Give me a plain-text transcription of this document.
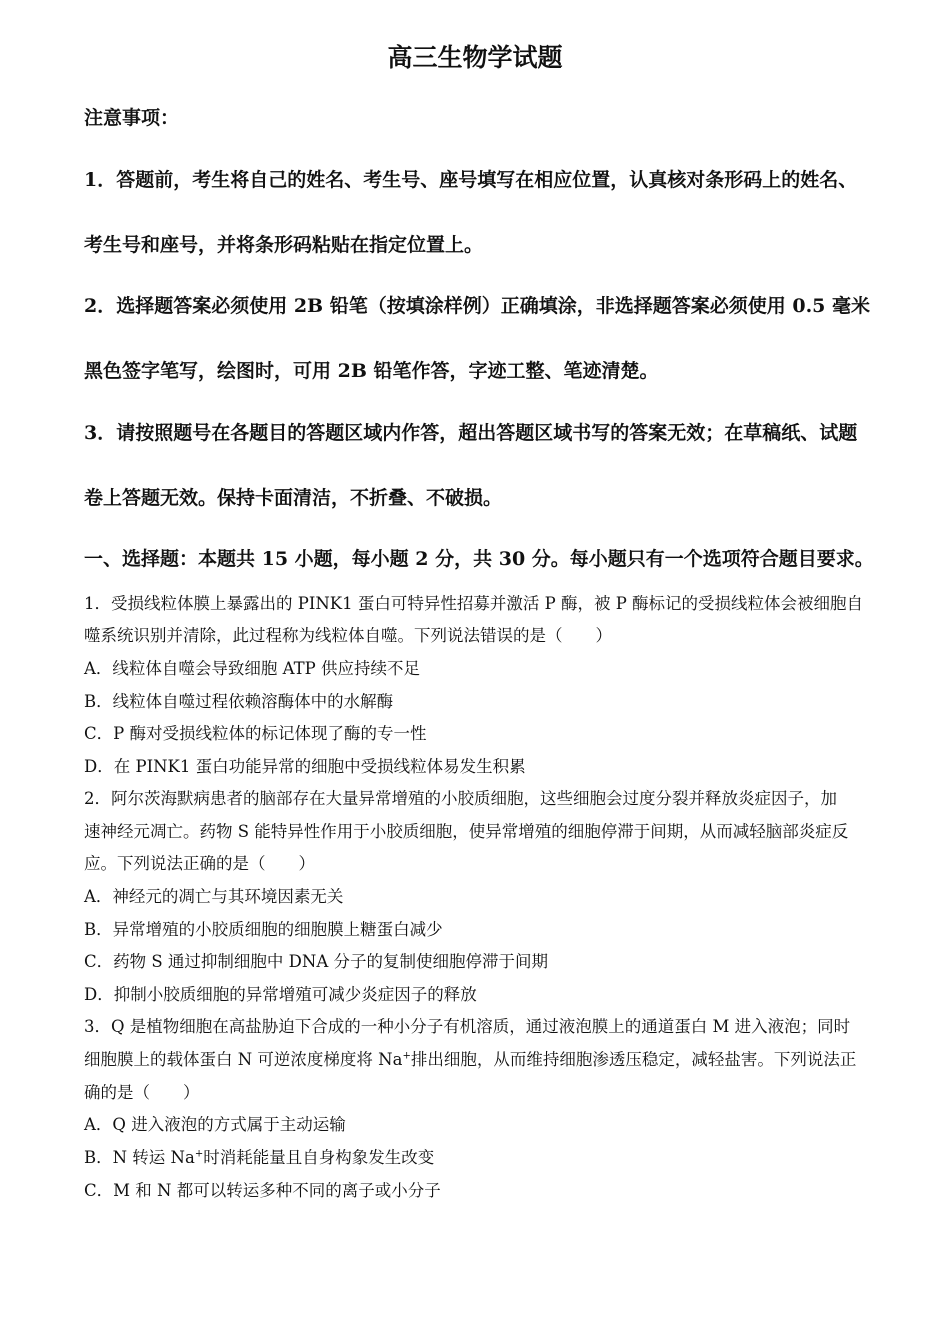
高三生物学试题
注意事项：
1．答题前，考生将自己的姓名、考生号、座号填写在相应位置，认真核对条形码上的姓名、
考生号和座号，并将条形码粘贴在指定位置上。
2．选择题答案必须使用 2B 铅笔（按填涂样例）正确填涂，非选择题答案必须使用 0.5 毫米
黑色签字笔写，绘图时，可用 2B 铅笔作答，字迹工整、笔迹清楚。
3．请按照题号在各题目的答题区域内作答，超出答题区域书写的答案无效；在草稿纸、试题
卷上答题无效。保持卡面清洁，不折叠、不破损。
一、选择题：本题共 15 小题，每小题 2 分，共 30 分。每小题只有一个选项符合题目要求。
1．受损线粒体膜上暴露出的 PINK1 蛋白可特异性招募并激活 P 酶，被 P 酶标记的受损线粒体会被细胞自
噬系统识别并清除，此过程称为线粒体自噬。下列说法错误的是（　　）
A．线粒体自噬会导致细胞 ATP 供应持续不足
B．线粒体自噬过程依赖溶酶体中的水解酶
C．P 酶对受损线粒体的标记体现了酶的专一性
D．在 PINK1 蛋白功能异常的细胞中受损线粒体易发生积累
2．阿尔茨海默病患者的脑部存在大量异常增殖的小胶质细胞，这些细胞会过度分裂并释放炎症因子，加
速神经元凋亡。药物 S 能特异性作用于小胶质细胞，使异常增殖的细胞停滞于间期，从而减轻脑部炎症反
应。下列说法正确的是（　　）
A．神经元的凋亡与其环境因素无关
B．异常增殖的小胶质细胞的细胞膜上糖蛋白减少
C．药物 S 通过抑制细胞中 DNA 分子的复制使细胞停滞于间期
D．抑制小胶质细胞的异常增殖可减少炎症因子的释放
3．Q 是植物细胞在高盐胁迫下合成的一种小分子有机溶质，通过液泡膜上的通道蛋白 M 进入液泡；同时
细胞膜上的载体蛋白 N 可逆浓度梯度将 Na+排出细胞，从而维持细胞渗透压稳定，减轻盐害。下列说法正
确的是（　　）
A．Q 进入液泡的方式属于主动运输
B．N 转运 Na+时消耗能量且自身构象发生改变
C．M 和 N 都可以转运多种不同的离子或小分子
